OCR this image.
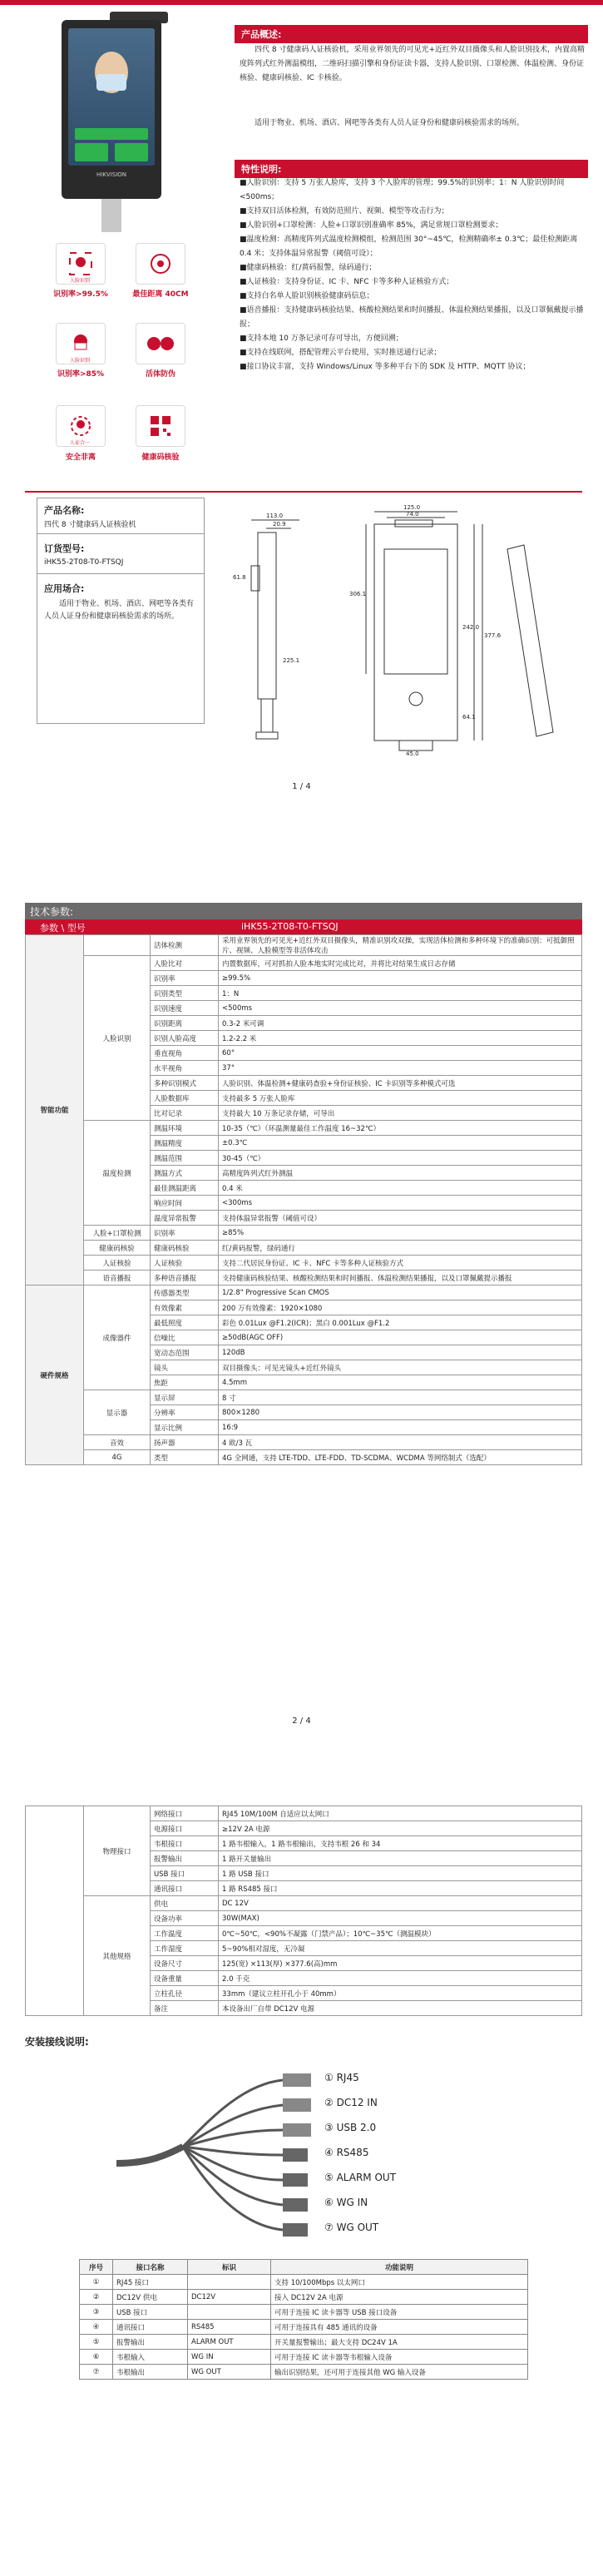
HIKVISION
产品概述:
四代 8 寸健康码人证核验机，采用业界领先的可见光+近红外双目摄像头和人脸识别技术，内置高精度阵列式红外测温模组，二维码扫描引擎和身份证读卡器，支持人脸识别、口罩检测、体温检测、身份证核验、健康码核验、IC 卡核验。
适用于物业、机场、酒店、网吧等各类有人员人证身份和健康码核验需求的场所。
特性说明:
■人脸识别：支持 5 万张人脸库，支持 3 个人脸库的管理；99.5%的识别率；1：N 人脸识别时间<500ms；
■支持双目活体检测，有效防范照片、视频、模型等攻击行为；
■人脸识别+口罩检测：人脸+口罩识别准确率 85%，满足常规口罩检测要求；
■温度检测：高精度阵列式温度检测模组，检测范围 30°~45℃，检测精确率± 0.3℃；最佳检测距离 0.4 米；支持体温异常报警（阈值可设）；
■健康码核验：红/黄码报警，绿码通行；
■人证核验：支持身份证、IC 卡、NFC 卡等多种人证核验方式；
■支持白名单人脸识别核验健康码信息；
■语音播报：支持健康码核验结果、核酸检测结果和时间播报、体温检测结果播报，以及口罩佩戴提示播报；
■支持本地 10 万条记录可存可导出，方便回溯；
■支持在线联网，搭配管理云平台使用，实时推送通行记录；
■接口协议丰富，支持 Windows/Linux 等多种平台下的 SDK 及 HTTP、MQTT 协议；
人脸识别
识别率>99.5%	最佳距离 40CM
人脸识别
识别率>85%	活体防伪
人证合一
安全非离	健康码核验
产品名称:
四代 8 寸健康码人证核验机
订货型号:
iHK55-2T08-T0-FTSQJ
应用场合:
适用于物业、机场、酒店、网吧等各类有人员人证身份和健康码核验需求的场所。
113.0
20.9
125.0
74.0
242.0
306.1
377.6
225.1
61.8
64.1
45.0
1 / 4
技术参数:
参数 \ 型号	iHK55-2T08-T0-FTSQJ
智能功能		活体检测	采用业界领先的可见光+近红外双目摄像头，精准识别攻双操，实现活体检测和多种环境下的准确识别：可抵御照片、视频、人脸模型等非活体攻击
	人脸识别	人脸比对	内置数据库，可对抓拍人脸本地实时完成比对，并将比对结果生成日志存储
		识别率	≥99.5%
		识别类型	1：N
		识别速度	<500ms
		识别距离	0.3-2 米可调
		识别人脸高度	1.2-2.2 米
		垂直视角	60°
		水平视角	37°
		多种识别模式	人脸识别、体温检测+健康码查验+身份证核验、IC 卡识别等多种模式可选
		人脸数据库	支持最多 5 万张人脸库
		比对记录	支持最大 10 万条记录存储，可导出
	温度检测	测温环境	10-35（℃）（环温测量最佳工作温度 16~32℃）
		测温精度	±0.3℃
		测温范围	30-45（℃）
		测温方式	高精度阵列式红外测温
		最佳测温距离	0.4 米
		响应时间	<300ms
		温度异常报警	支持体温异常报警（阈值可设）
	人脸+口罩检测	识别率	≥85%
	健康码核验	健康码核验	红/黄码报警，绿码通行
	人证核验	人证核验	支持二代居民身份证、IC 卡、NFC 卡等多种人证核验方式
	语音播报	多种语音播报	支持健康码核验结果、核酸检测结果和时间播报、体温检测结果播报，以及口罩佩戴提示播报
硬件规格	成像器件	传感器类型	1/2.8" Progressive Scan CMOS
		有效像素	200 万有效像素：1920×1080
		最低照度	彩色 0.01Lux @F1.2(ICR)；黑白 0.001Lux @F1.2
		信噪比	≥50dB(AGC OFF)
		宽动态范围	120dB
		镜头	双目摄像头：可见光镜头+近红外镜头
		焦距	4.5mm
	显示器	显示屏	8 寸
		分辨率	800×1280
		显示比例	16:9
	音效	扬声器	4 欧/3 瓦
	4G	类型	4G 全网通，支持 LTE-TDD、LTE-FDD、TD-SCDMA、WCDMA 等网络制式（选配）
2 / 4
	物理接口	网络接口	RJ45 10M/100M 自适应以太网口
		电源接口	≥12V 2A 电源
		韦根接口	1 路韦根输入，1 路韦根输出，支持韦根 26 和 34
		报警输出	1 路开关量输出
		USB 接口	1 路 USB 接口
		通讯接口	1 路 RS485 接口
	其他规格	供电	DC 12V
		设备功率	30W(MAX)
		工作温度	0℃~50℃，<90%不凝露（门禁产品）；10℃~35℃（测温模块）
		工作湿度	5~90%相对湿度，无冷凝
		设备尺寸	125(宽) ×113(厚) ×377.6(高)mm
		设备重量	2.0 千克
		立柱孔径	33mm（建议立柱开孔小于 40mm）
		备注	本设备出厂自带 DC12V 电源
安装接线说明:
① RJ45
② DC12 IN
③ USB 2.0
④ RS485
⑤ ALARM OUT
⑥ WG IN
⑦ WG OUT
序号	接口名称	标识	功能说明
①	RJ45 接口		支持 10/100Mbps 以太网口
②	DC12V 供电	DC12V	接入 DC12V 2A 电源
③	USB 接口		可用于连接 IC 读卡器等 USB 接口设备
④	通讯接口	RS485	可用于连接具有 485 通讯的设备
⑤	报警输出	ALARM OUT	开关量报警输出；最大支持 DC24V 1A
⑥	韦根输入	WG IN	可用于连接 IC 读卡器等韦根输入设备
⑦	韦根输出	WG OUT	输出识别结果，还可用于连接其他 WG 输入设备
